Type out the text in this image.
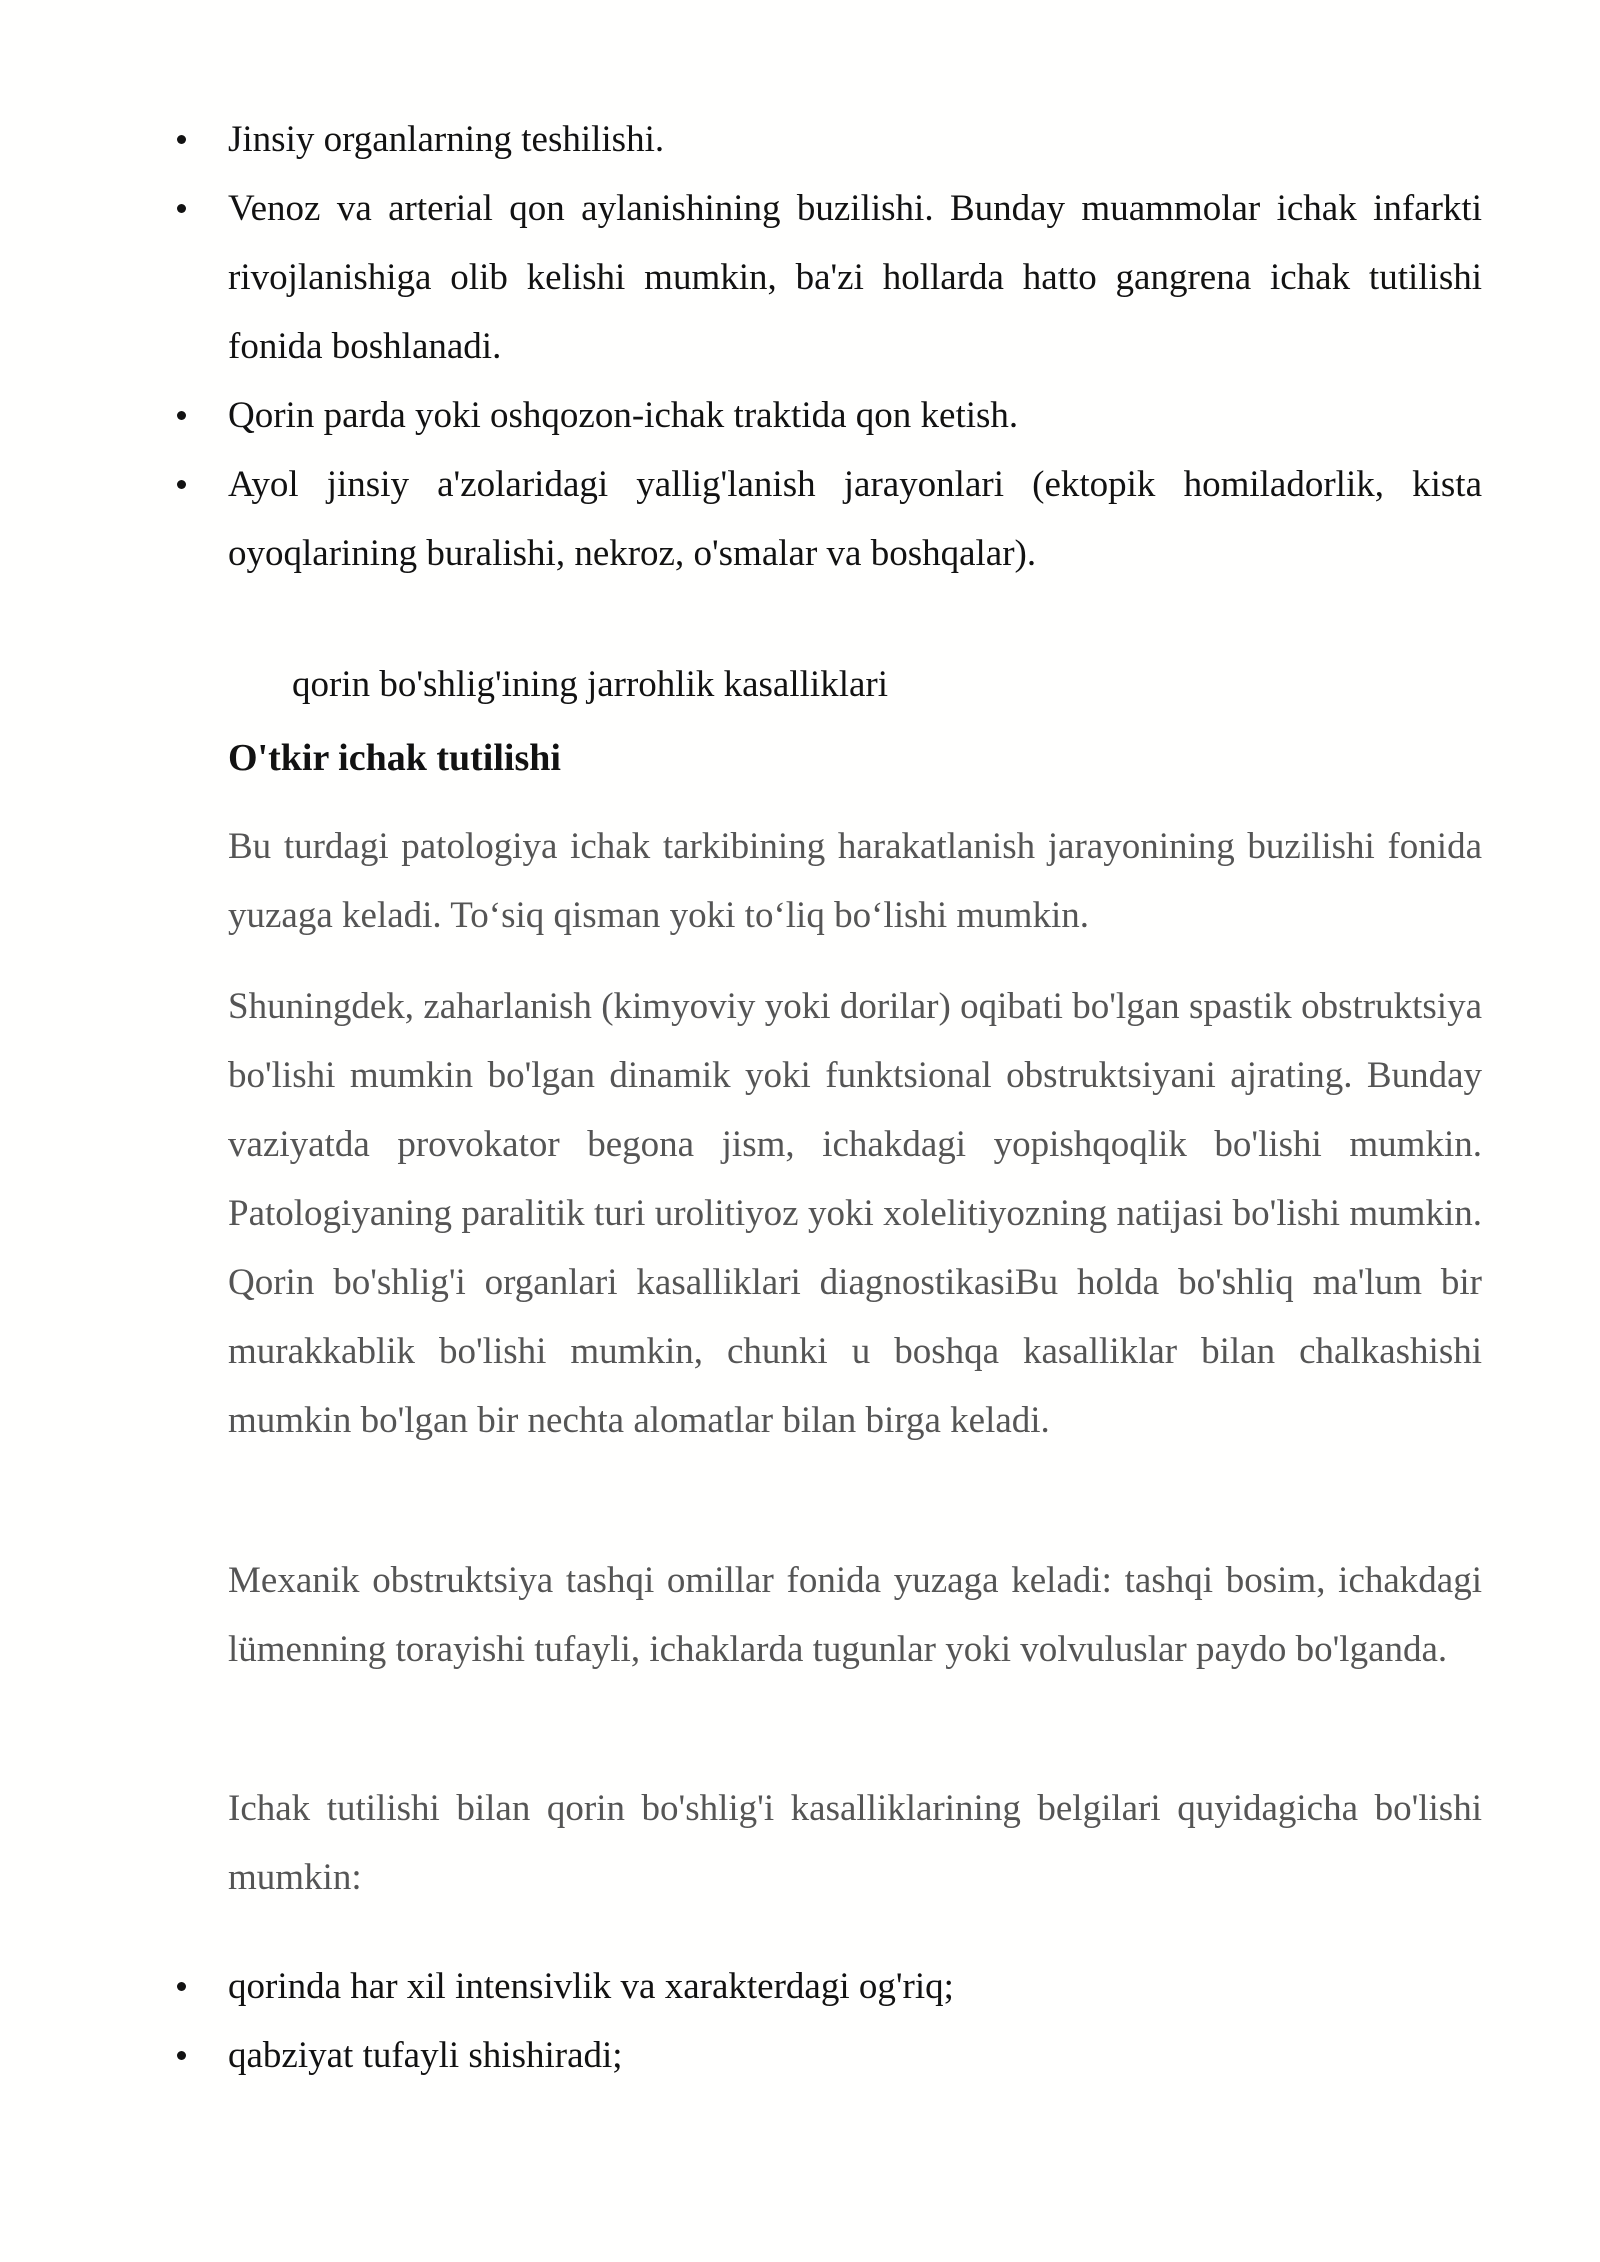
Jinsiy organlarning teshilishi.
Venoz va arterial qon aylanishining buzilishi. Bunday muammolar ichak infarkti rivojlanishiga olib kelishi mumkin, ba'zi hollarda hatto gangrena ichak tutilishi fonida boshlanadi.
Qorin parda yoki oshqozon-ichak traktida qon ketish.
Ayol jinsiy a'zolaridagi yallig'lanish jarayonlari (ektopik homiladorlik, kista oyoqlarining buralishi, nekroz, o'smalar va boshqalar).
qorin bo'shlig'ining jarrohlik kasalliklari
O'tkir ichak tutilishi

Bu turdagi patologiya ichak tarkibining harakatlanish jarayonining buzilishi fonida yuzaga keladi. To‘siq qisman yoki to‘liq bo‘lishi mumkin.

Shuningdek, zaharlanish (kimyoviy yoki dorilar) oqibati bo'lgan spastik obstruktsiya bo'lishi mumkin bo'lgan dinamik yoki funktsional obstruktsiyani ajrating. Bunday vaziyatda provokator begona jism, ichakdagi yopishqoqlik bo'lishi mumkin. Patologiyaning paralitik turi urolitiyoz yoki xolelitiyozning natijasi bo'lishi mumkin. Qorin bo'shlig'i organlari kasalliklari diagnostikasiBu holda bo'shliq ma'lum bir murakkablik bo'lishi mumkin, chunki u boshqa kasalliklar bilan chalkashishi mumkin bo'lgan bir nechta alomatlar bilan birga keladi.

Mexanik obstruktsiya tashqi omillar fonida yuzaga keladi: tashqi bosim, ichakdagi lümenning torayishi tufayli, ichaklarda tugunlar yoki volvuluslar paydo bo'lganda.

Ichak tutilishi bilan qorin bo'shlig'i kasalliklarining belgilari quyidagicha bo'lishi mumkin:

qorinda har xil intensivlik va xarakterdagi og'riq;
qabziyat tufayli shishiradi;
